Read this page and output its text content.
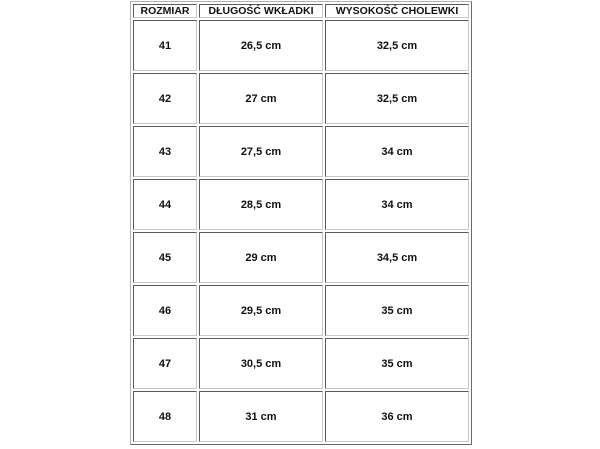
ROZMIAR	DŁUGOŚĆ WKŁADKI	WYSOKOŚĆ CHOLEWKI
41	26,5 cm	32,5 cm
42	27 cm	32,5 cm
43	27,5 cm	34 cm
44	28,5 cm	34 cm
45	29 cm	34,5 cm
46	29,5 cm	35 cm
47	30,5 cm	35 cm
48	31 cm	36 cm
